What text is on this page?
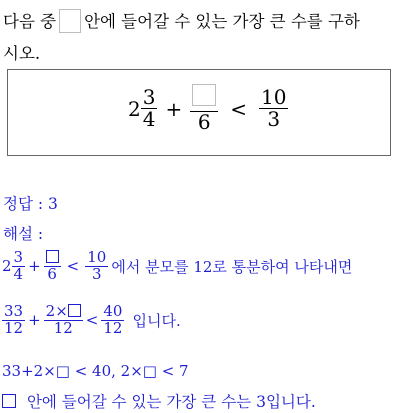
다음 중 안에 들어갈 수 있는 가장 큰 수를 구하
시오.
$2 \frac{3}{4}$ +
6
< $\frac{10}{3}$
정답 : 3
해설 :
$2 \frac{3}{4} + 6 < \frac{10}{3}$ 에서 분모를 12로 통분하여 나타내면
$\frac{33}{12} + \frac{2\times}{12} < \frac{40}{12}$ 입니다.
33+2×□ < 40, 2×□ < 7
안에 들어갈 수 있는 가장 큰 수는 3입니다.
